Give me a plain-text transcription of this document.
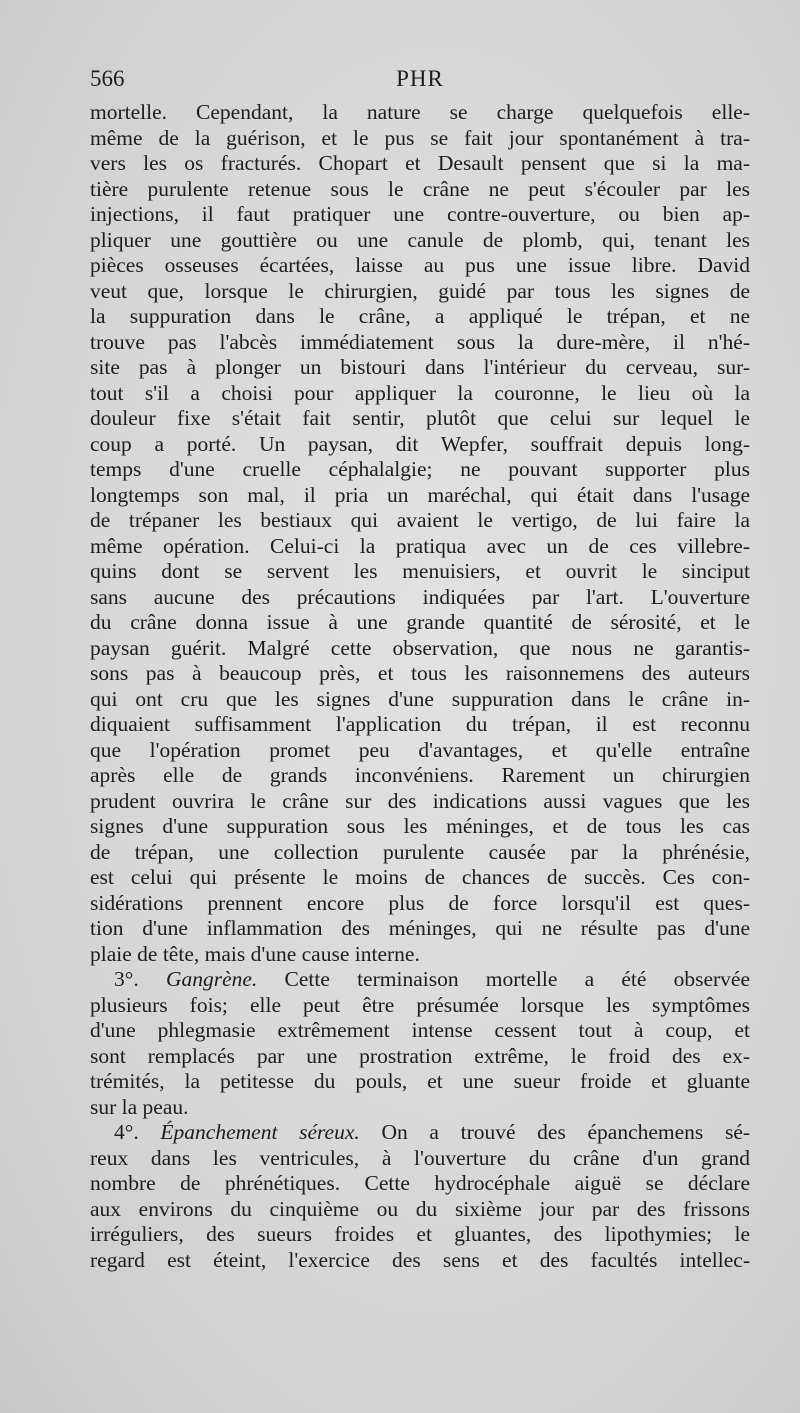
566	PHR
mortelle. Cependant, la nature se charge quelquefois elle-
même de la guérison, et le pus se fait jour spontanément à tra-
vers les os fracturés. Chopart et Desault pensent que si la ma-
tière purulente retenue sous le crâne ne peut s'écouler par les
injections, il faut pratiquer une contre-ouverture, ou bien ap-
pliquer une gouttière ou une canule de plomb, qui, tenant les
pièces osseuses écartées, laisse au pus une issue libre. David
veut que, lorsque le chirurgien, guidé par tous les signes de
la suppuration dans le crâne, a appliqué le trépan, et ne
trouve pas l'abcès immédiatement sous la dure-mère, il n'hé-
site pas à plonger un bistouri dans l'intérieur du cerveau, sur-
tout s'il a choisi pour appliquer la couronne, le lieu où la
douleur fixe s'était fait sentir, plutôt que celui sur lequel le
coup a porté. Un paysan, dit Wepfer, souffrait depuis long-
temps d'une cruelle céphalalgie; ne pouvant supporter plus
longtemps son mal, il pria un maréchal, qui était dans l'usage
de trépaner les bestiaux qui avaient le vertigo, de lui faire la
même opération. Celui-ci la pratiqua avec un de ces villebre-
quins dont se servent les menuisiers, et ouvrit le sinciput
sans aucune des précautions indiquées par l'art. L'ouverture
du crâne donna issue à une grande quantité de sérosité, et le
paysan guérit. Malgré cette observation, que nous ne garantis-
sons pas à beaucoup près, et tous les raisonnemens des auteurs
qui ont cru que les signes d'une suppuration dans le crâne in-
diquaient suffisamment l'application du trépan, il est reconnu
que l'opération promet peu d'avantages, et qu'elle entraîne
après elle de grands inconvéniens. Rarement un chirurgien
prudent ouvrira le crâne sur des indications aussi vagues que les
signes d'une suppuration sous les méninges, et de tous les cas
de trépan, une collection purulente causée par la phrénésie,
est celui qui présente le moins de chances de succès. Ces con-
sidérations prennent encore plus de force lorsqu'il est ques-
tion d'une inflammation des méninges, qui ne résulte pas d'une
plaie de tête, mais d'une cause interne.
3°. Gangrène. Cette terminaison mortelle a été observée
plusieurs fois; elle peut être présumée lorsque les symptômes
d'une phlegmasie extrêmement intense cessent tout à coup, et
sont remplacés par une prostration extrême, le froid des ex-
trémités, la petitesse du pouls, et une sueur froide et gluante
sur la peau.
4°. Épanchement séreux. On a trouvé des épanchemens sé-
reux dans les ventricules, à l'ouverture du crâne d'un grand
nombre de phrénétiques. Cette hydrocéphale aiguë se déclare
aux environs du cinquième ou du sixième jour par des frissons
irréguliers, des sueurs froides et gluantes, des lipothymies; le
regard est éteint, l'exercice des sens et des facultés intellec-
